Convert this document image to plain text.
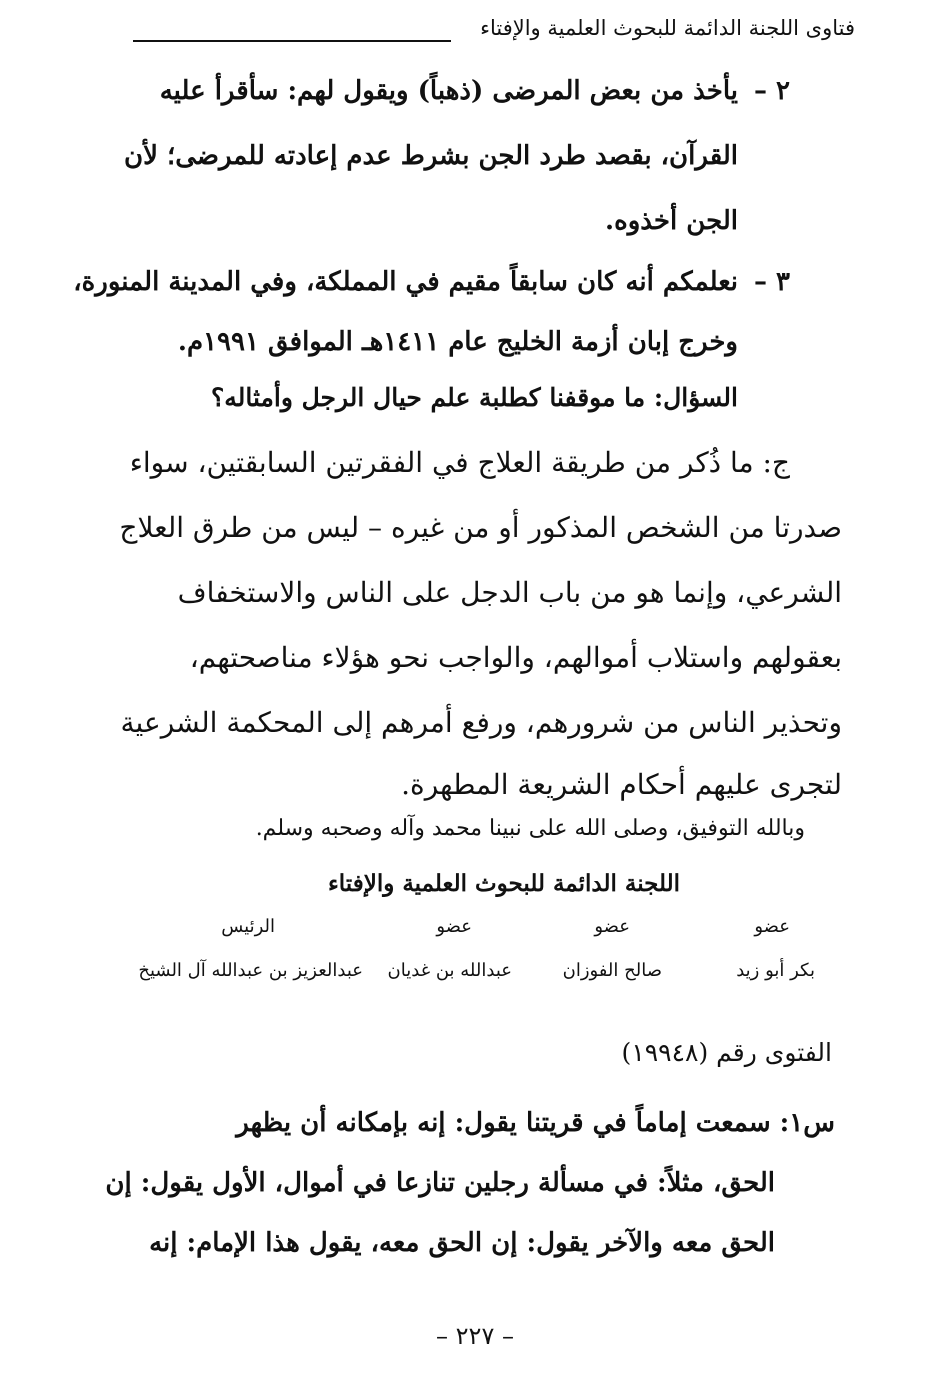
فتاوى اللجنة الدائمة للبحوث العلمية والإفتاء
٢ –
يأخذ من بعض المرضى (ذهباً) ويقول لهم: سأقرأ عليه
القرآن، بقصد طرد الجن بشرط عدم إعادته للمرضى؛ لأن
الجن أخذوه.
٣ –
نعلمكم أنه كان سابقاً مقيم في المملكة، وفي المدينة المنورة،
وخرج إبان أزمة الخليج عام ١٤١١هـ الموافق ١٩٩١م.
السؤال: ما موقفنا كطلبة علم حيال الرجل وأمثاله؟
ج: ما ذُكر من طريقة العلاج في الفقرتين السابقتين، سواء
صدرتا من الشخص المذكور أو من غيره – ليس من طرق العلاج
الشرعي، وإنما هو من باب الدجل على الناس والاستخفاف
بعقولهم واستلاب أموالهم، والواجب نحو هؤلاء مناصحتهم،
وتحذير الناس من شرورهم، ورفع أمرهم إلى المحكمة الشرعية
لتجرى عليهم أحكام الشريعة المطهرة.
وبالله التوفيق، وصلى الله على نبينا محمد وآله وصحبه وسلم.
اللجنة الدائمة للبحوث العلمية والإفتاء
عضو
بكر أبو زيد
عضو
صالح الفوزان
عضو
عبدالله بن غديان
الرئيس
عبدالعزيز بن عبدالله آل الشيخ
الفتوى رقم (١٩٩٤٨)
س١: سمعت إماماً في قريتنا يقول: إنه بإمكانه أن يظهر
الحق، مثلاً: في مسألة رجلين تنازعا في أموال، الأول يقول: إن
الحق معه والآخر يقول: إن الحق معه، يقول هذا الإمام: إنه
– ٢٢٧ –
